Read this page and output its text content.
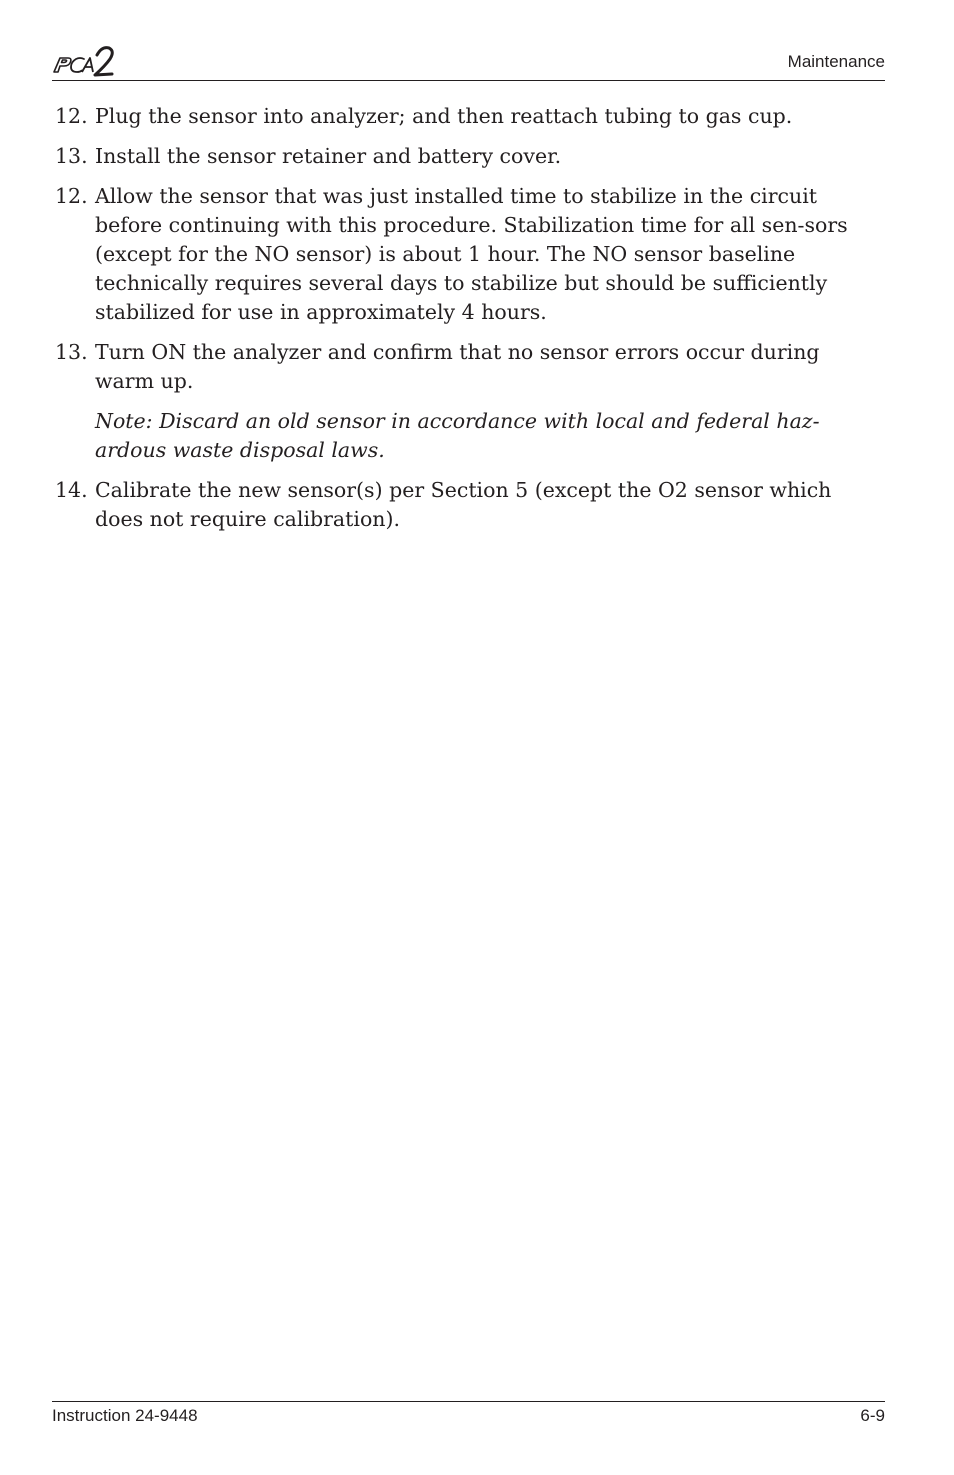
Maintenance
12. Plug the sensor into analyzer; and then reattach tubing to gas cup.

13. Install the sensor retainer and battery cover.

12. Allow the sensor that was just installed time to stabilize in the circuit before continuing with this procedure. Stabilization time for all sen-sors (except for the NO sensor) is about 1 hour. The NO sensor baseline technically requires several days to stabilize but should be sufficiently stabilized for use in approximately 4 hours.

13. Turn ON the analyzer and confirm that no sensor errors occur during warm up.

Note: Discard an old sensor in accordance with local and federal haz-ardous waste disposal laws.

14. Calibrate the new sensor(s) per Section 5 (except the O2 sensor which does not require calibration).

Instruction 24-9448	6-9
